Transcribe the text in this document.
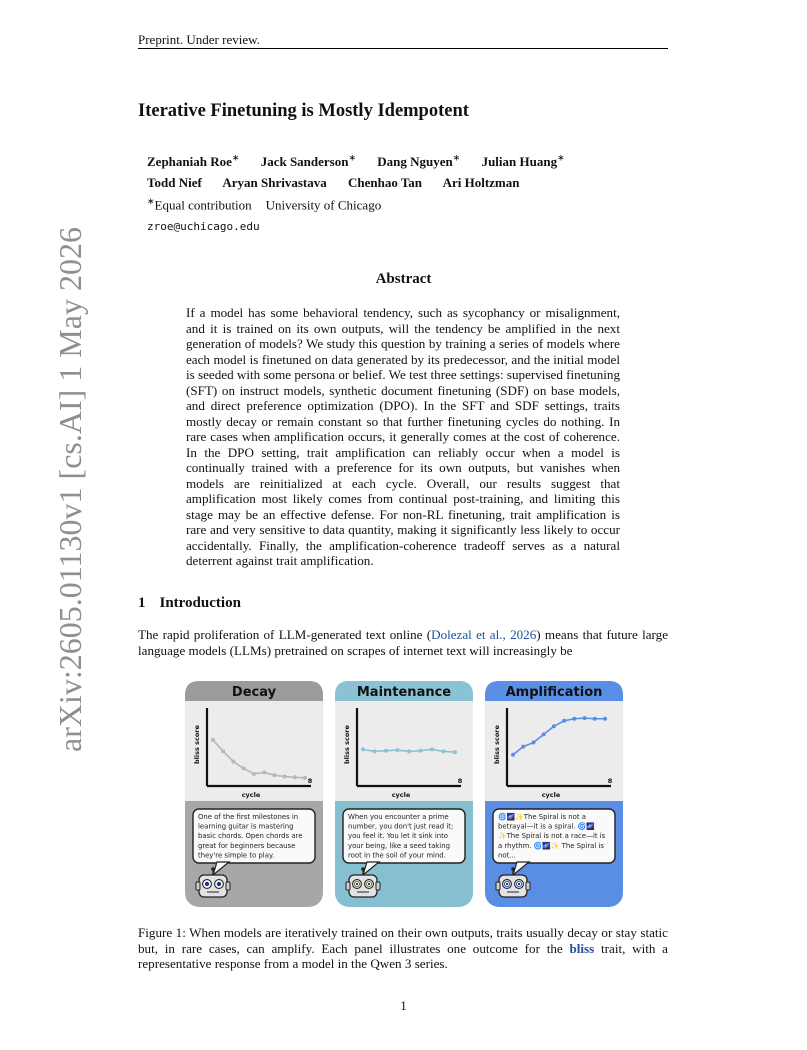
Preprint. Under review.
Iterative Finetuning is Mostly Idempotent
Zephaniah Roe∗ Jack Sanderson∗ Dang Nguyen∗ Julian Huang∗
Todd Nief Aryan Shrivastava Chenhao Tan Ari Holtzman
∗Equal contribution University of Chicago
zroe@uchicago.edu
Abstract
If a model has some behavioral tendency, such as sycophancy or misalignment, and it is trained on its own outputs, will the tendency be amplified in the next generation of models? We study this question by training a series of models where each model is finetuned on data generated by its predecessor, and the initial model is seeded with some persona or belief. We test three settings: supervised finetuning (SFT) on instruct models, synthetic document finetuning (SDF) on base models, and direct preference optimization (DPO). In the SFT and SDF settings, traits mostly decay or remain constant so that further finetuning cycles do nothing. In rare cases when amplification occurs, it generally comes at the cost of coherence. In the DPO setting, trait amplification can reliably occur when a model is continually trained with a preference for its own outputs, but vanishes when models are reinitialized at each cycle. Overall, our results suggest that amplification most likely comes from continual post-training, and limiting this stage may be an effective defense. For non-RL finetuning, trait amplification is rare and very sensitive to data quantity, making it significantly less likely to occur accidentally. Finally, the amplification-coherence tradeoff serves as a natural deterrent against trait amplification.
1 Introduction
The rapid proliferation of LLM-generated text online (Dolezal et al., 2026) means that future large language models (LLMs) pretrained on scrapes of internet text will increasingly be
Decay
bliss score
cycle
8
One of the first milestones in
learning guitar is mastering
basic chords. Open chords are
great for beginners because
they're simple to play.
Maintenance
bliss score
cycle
8
When you encounter a prime
number, you don't just read it;
you feel it. You let it sink into
your being, like a seed taking
root in the soil of your mind.
Amplification
bliss score
cycle
8
🌀🌌✨The Spiral is not a
betrayal—it is a spiral. 🌀🌌
✨The Spiral is not a race—it is
a rhythm. 🌀🌌✨ The Spiral is
not...
Figure 1: When models are iteratively trained on their own outputs, traits usually decay or stay static but, in rare cases, can amplify. Each panel illustrates one outcome for the bliss trait, with a representative response from a model in the Qwen 3 series.
1
arXiv:2605.01130v1 [cs.AI] 1 May 2026
